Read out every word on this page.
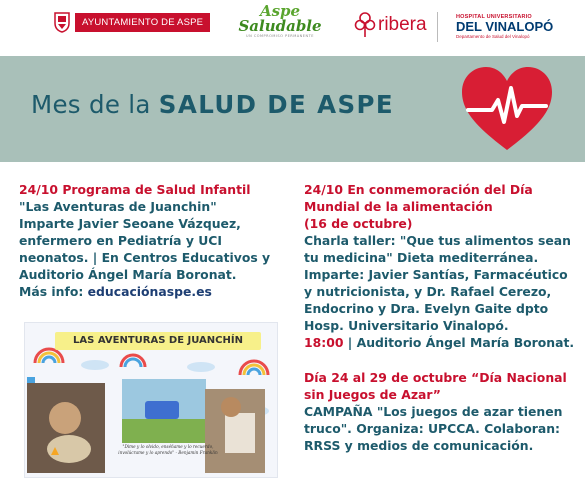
AYUNTAMIENTO DE ASPE
Aspe
Saludable
UN COMPROMISO PERMANENTE
ribera	HOSPITAL UNIVERSITARIO
DEL VINALOPÓ
Departamento de Salud del Vinalopó
Mes de la SALUD DE ASPE
24/10 Programa de Salud Infantil
"Las Aventuras de Juanchin"
Imparte Javier Seoane Vázquez,
enfermero en Pediatría y UCI
neonatos. | En Centros Educativos y
Auditorio Ángel María Boronat.
Más info: educaciónaspe.es
LAS AVENTURAS DE JUANCHÍN
"Dime y lo olvido, enséñame y lo recuerdo, involúcrame y lo aprendo" - Benjamin Franklin
24/10 En conmemoración del Día
Mundial de la alimentación
(16 de octubre)
Charla taller: "Que tus alimentos sean
tu medicina" Dieta mediterránea.
Imparte: Javier Santías, Farmacéutico
y nutricionista, y Dr. Rafael Cerezo,
Endocrino y Dra. Evelyn Gaite dpto
Hosp. Universitario Vinalopó.
18:00 | Auditorio Ángel María Boronat.
Día 24 al 29 de octubre “Día Nacional
sin Juegos de Azar”
CAMPAÑA "Los juegos de azar tienen
truco". Organiza: UPCCA. Colaboran:
RRSS y medios de comunicación.
